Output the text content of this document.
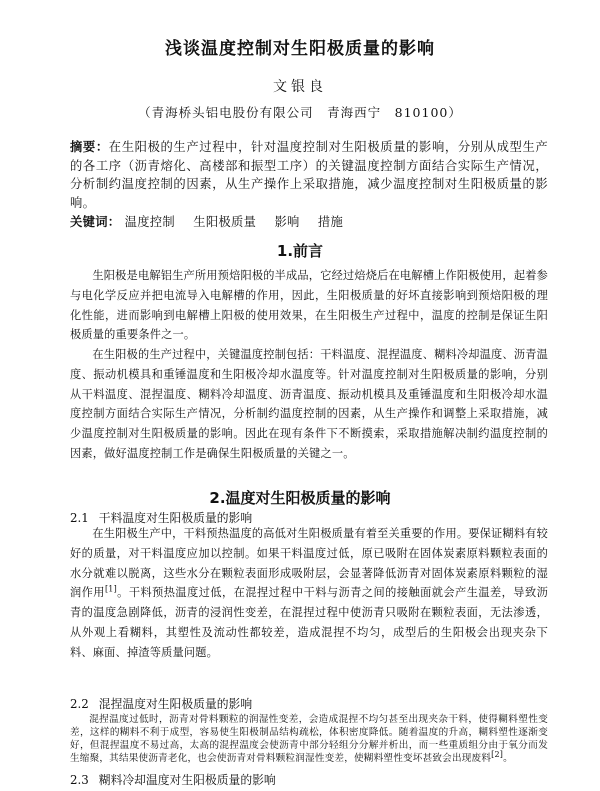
浅谈温度控制对生阳极质量的影响
文银良
（青海桥头铝电股份有限公司　青海西宁　810100）
摘要：在生阳极的生产过程中，针对温度控制对生阳极质量的影响，分别从成型生产的各工序（沥青熔化、高楼部和振型工序）的关键温度控制方面结合实际生产情况，分析制约温度控制的因素，从生产操作上采取措施，减少温度控制对生阳极质量的影响。
关键词： 温度控制 生阳极质量 影响 措施
1.前言
生阳极是电解铝生产所用预焙阳极的半成品，它经过焙烧后在电解槽上作阳极使用，起着参与电化学反应并把电流导入电解槽的作用，因此，生阳极质量的好坏直接影响到预焙阳极的理化性能，进而影响到电解槽上阳极的使用效果，在生阳极生产过程中，温度的控制是保证生阳极质量的重要条件之一。
在生阳极的生产过程中，关键温度控制包括：干料温度、混捏温度、糊料冷却温度、沥青温度、振动机模具和重锤温度和生阳极冷却水温度等。针对温度控制对生阳极质量的影响，分别从干料温度、混捏温度、糊料冷却温度、沥青温度、振动机模具及重锤温度和生阳极冷却水温度控制方面结合实际生产情况，分析制约温度控制的因素，从生产操作和调整上采取措施，减少温度控制对生阳极质量的影响。因此在现有条件下不断摸索，采取措施解决制约温度控制的因素，做好温度控制工作是确保生阳极质量的关键之一。
2.温度对生阳极质量的影响
2.1 干料温度对生阳极质量的影响
在生阳极生产中，干料预热温度的高低对生阳极质量有着至关重要的作用。要保证糊料有较好的质量，对干料温度应加以控制。如果干料温度过低，原已吸附在固体炭素原料颗粒表面的水分就难以脱离，这些水分在颗粒表面形成吸附层，会显著降低沥青对固体炭素原料颗粒的湿润作用[1]。干料预热温度过低，在混捏过程中干料与沥青之间的接触面就会产生温差，导致沥青的温度急剧降低，沥青的浸润性变差，在混捏过程中使沥青只吸附在颗粒表面，无法渗透，从外观上看糊料，其塑性及流动性都较差，造成混捏不均匀，成型后的生阳极会出现夹杂下料、麻面、掉渣等质量问题。
2.2 混捏温度对生阳极质量的影响
混捏温度过低时，沥青对骨料颗粒的润湿性变差，会造成混捏不均匀甚至出现夹杂干料，使得糊料塑性变差，这样的糊料不利于成型，容易使生阳极制品结构疏松，体积密度降低。随着温度的升高，糊料塑性逐渐变好，但混捏温度不易过高，太高的混捏温度会使沥青中部分轻组分分解并析出，而一些重质组分由于氧分而发生缩聚，其结果使沥青老化，也会使沥青对骨料颗粒润湿性变差，使糊料塑性变坏甚致会出现废料[2]。
2.3 糊料冷却温度对生阳极质量的影响
